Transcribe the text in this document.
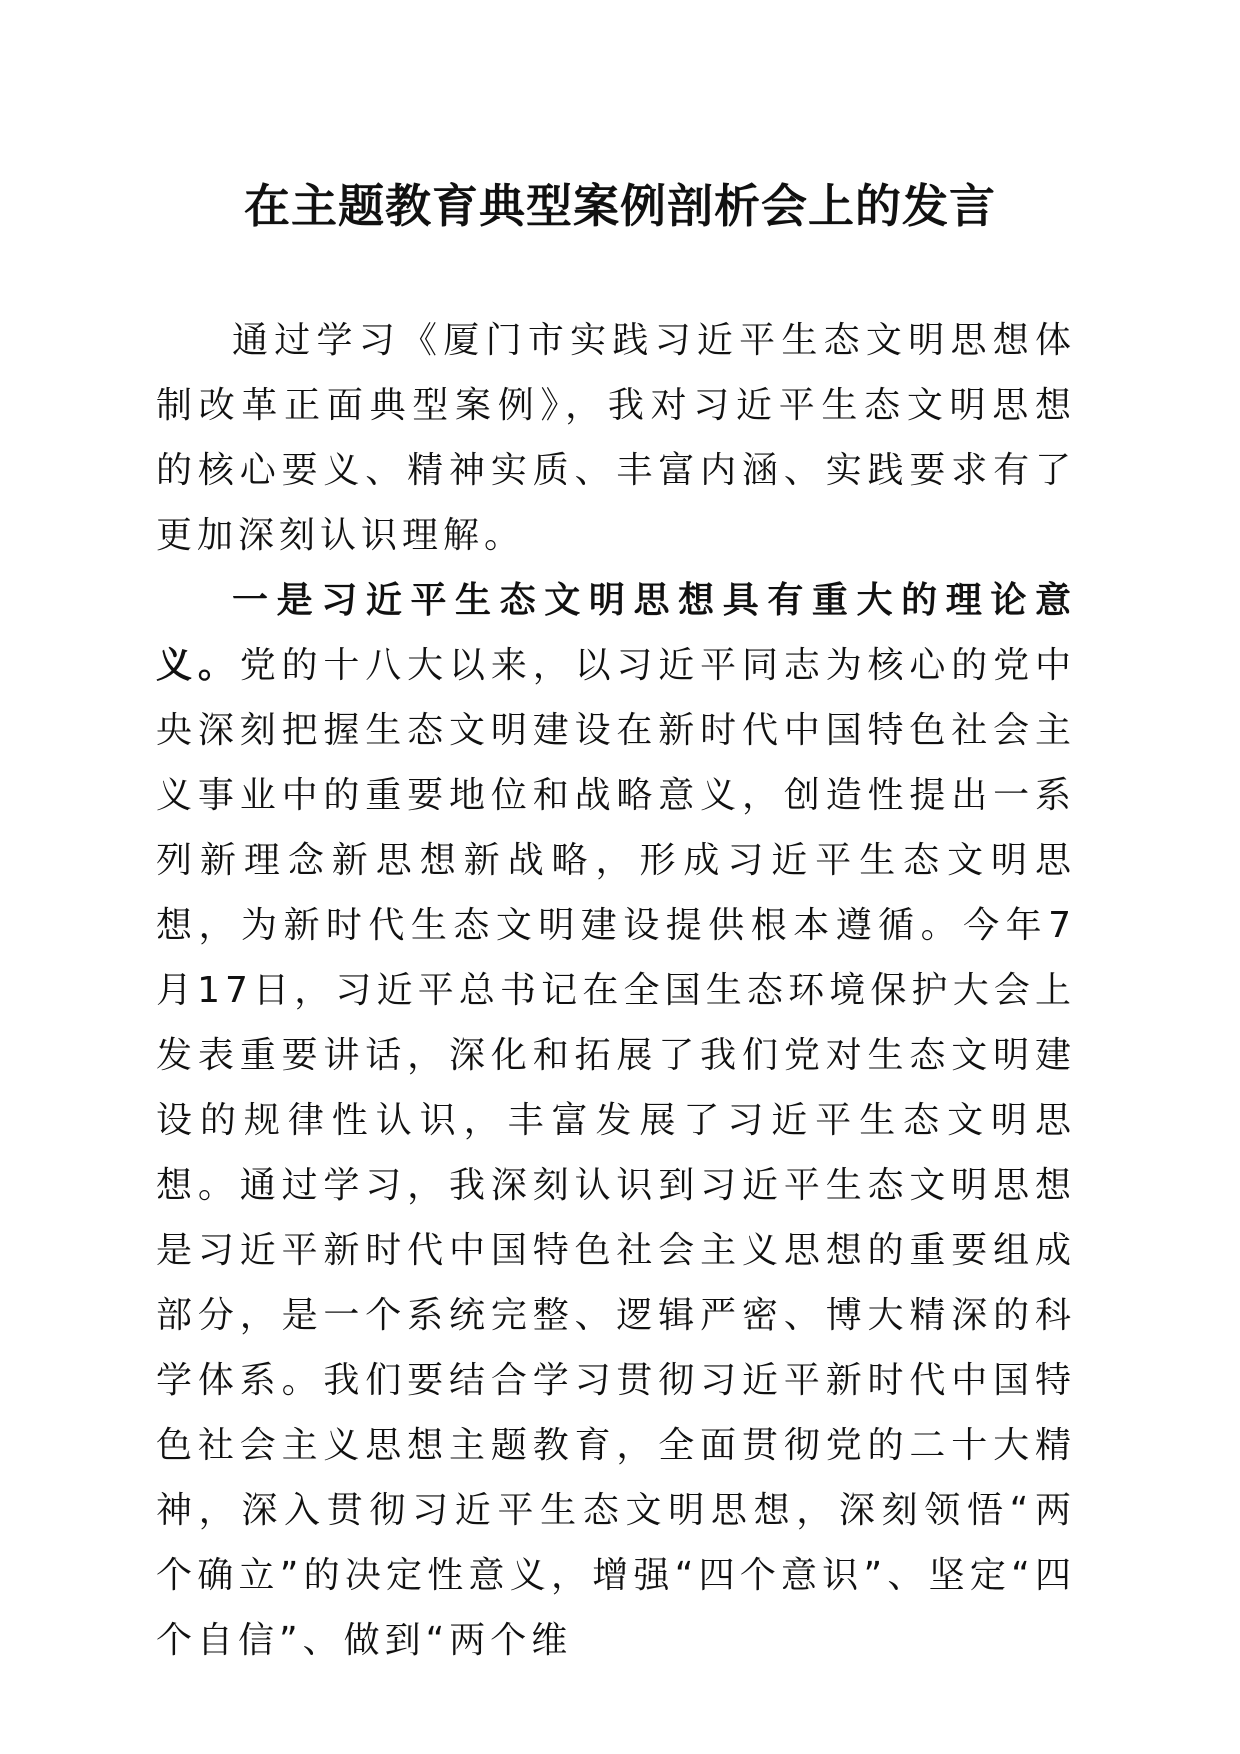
在主题教育典型案例剖析会上的发言

通过学习《厦门市实践习近平生态文明思想体制改革正面典型案例》，我对习近平生态文明思想的核心要义、精神实质、丰富内涵、实践要求有了更加深刻认识理解。

一是习近平生态文明思想具有重大的理论意义。党的十八大以来，以习近平同志为核心的党中央深刻把握生态文明建设在新时代中国特色社会主义事业中的重要地位和战略意义，创造性提出一系列新理念新思想新战略，形成习近平生态文明思想，为新时代生态文明建设提供根本遵循。今年7月17日，习近平总书记在全国生态环境保护大会上发表重要讲话，深化和拓展了我们党对生态文明建设的规律性认识，丰富发展了习近平生态文明思想。通过学习，我深刻认识到习近平生态文明思想是习近平新时代中国特色社会主义思想的重要组成部分，是一个系统完整、逻辑严密、博大精深的科学体系。我们要结合学习贯彻习近平新时代中国特色社会主义思想主题教育，全面贯彻党的二十大精神，深入贯彻习近平生态文明思想，深刻领悟“两个确立”的决定性意义，增强“四个意识”、坚定“四个自信”、做到“两个维
